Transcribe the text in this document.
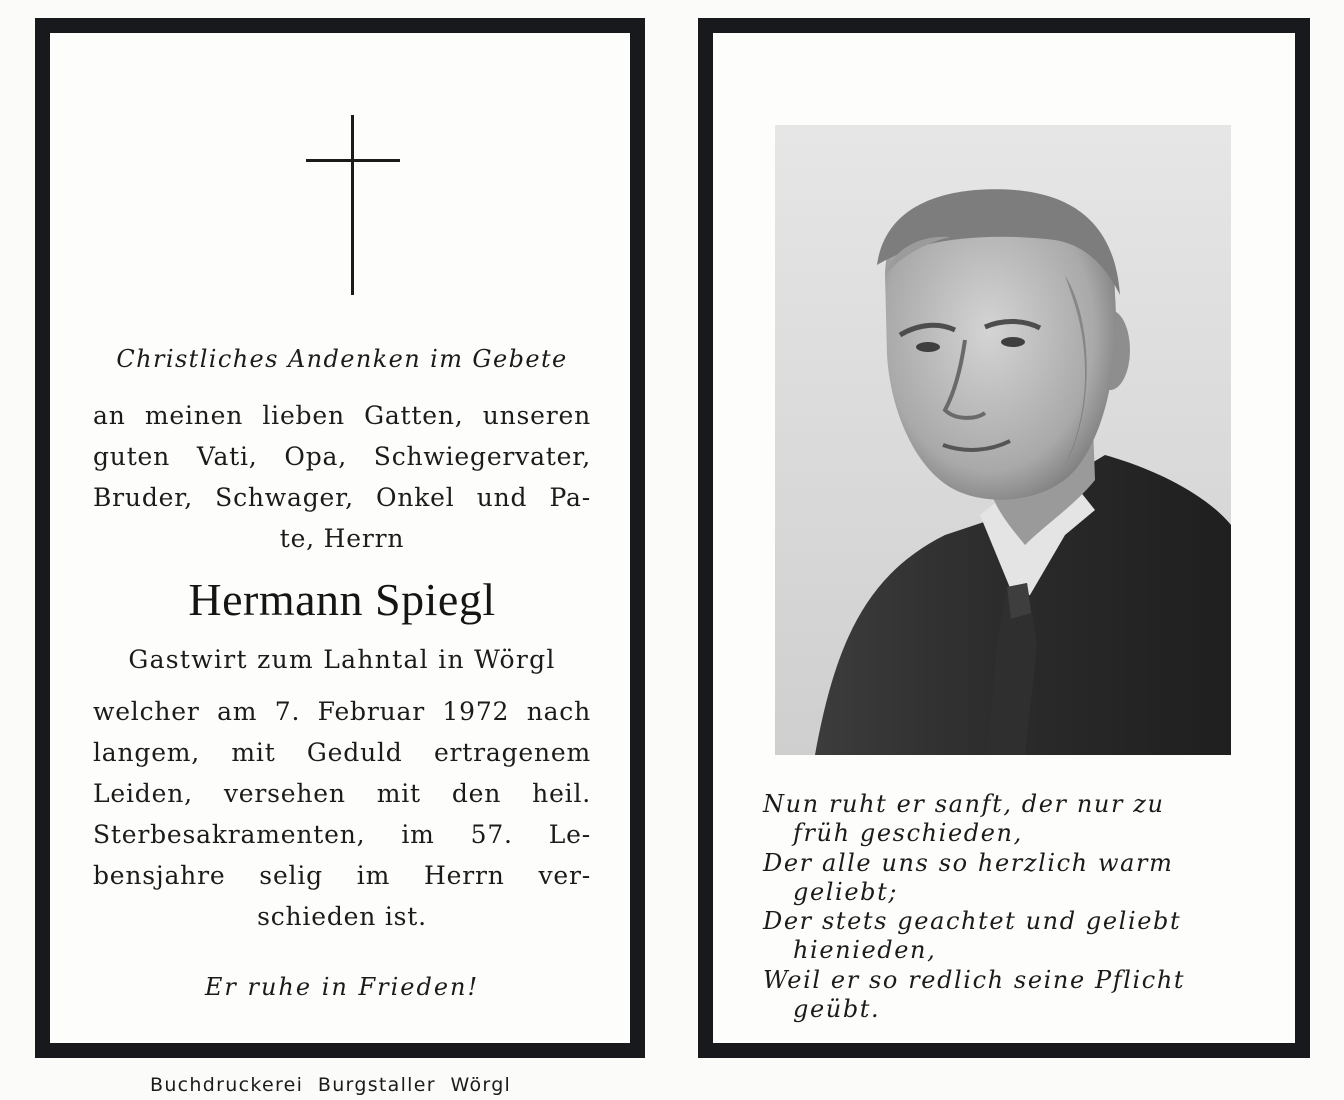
Christliches Andenken im Gebete
an meinen lieben Gatten, unseren
guten Vati, Opa, Schwiegervater,
Bruder, Schwager, Onkel und Pa-
te, Herrn
Hermann Spiegl
Gastwirt zum Lahntal in Wörgl
welcher am 7. Februar 1972 nach
langem, mit Geduld ertragenem
Leiden, versehen mit den heil.
Sterbesakramenten, im 57. Le-
bensjahre selig im Herrn ver-
schieden ist.
Er ruhe in Frieden!
Nun ruht er sanft, der nur zu
früh geschieden,
Der alle uns so herzlich warm
geliebt;
Der stets geachtet und geliebt
hienieden,
Weil er so redlich seine Pflicht
geübt.
Buchdruckerei  Burgstaller  Wörgl
